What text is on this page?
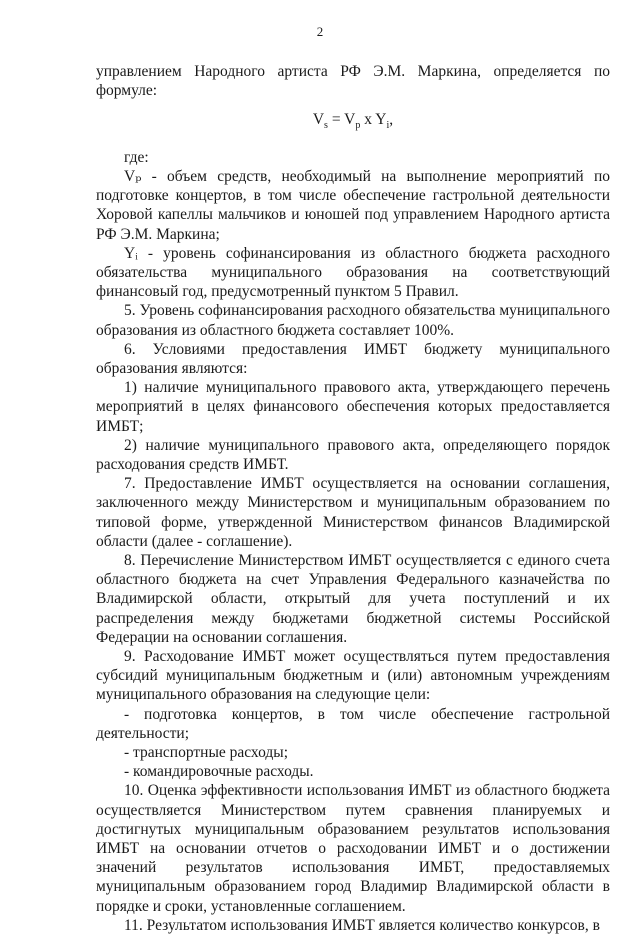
2

управлением Народного артиста РФ Э.М. Маркина, определяется по формуле:

$V_s = V_p$ x $Y_i$,

где:

Vₚ - объем средств, необходимый на выполнение мероприятий по подготовке концертов, в том числе обеспечение гастрольной деятельности Хоровой капеллы мальчиков и юношей под управлением Народного артиста РФ Э.М. Маркина;

Yᵢ - уровень софинансирования из областного бюджета расходного обязательства муниципального образования на соответствующий финансовый год, предусмотренный пунктом 5 Правил.

5. Уровень софинансирования расходного обязательства муниципального образования из областного бюджета составляет 100%.

6. Условиями предоставления ИМБТ бюджету муниципального образования являются:

1) наличие муниципального правового акта, утверждающего перечень мероприятий в целях финансового обеспечения которых предоставляется ИМБТ;

2) наличие муниципального правового акта, определяющего порядок расходования средств ИМБТ.

7. Предоставление ИМБТ осуществляется на основании соглашения, заключенного между Министерством и муниципальным образованием по типовой форме, утвержденной Министерством финансов Владимирской области (далее - соглашение).

8. Перечисление Министерством ИМБТ осуществляется с единого счета областного бюджета на счет Управления Федерального казначейства по Владимирской области, открытый для учета поступлений и их распределения между бюджетами бюджетной системы Российской Федерации на основании соглашения.

9. Расходование ИМБТ может осуществляться путем предоставления субсидий муниципальным бюджетным и (или) автономным учреждениям муниципального образования на следующие цели:

- подготовка концертов, в том числе обеспечение гастрольной деятельности;

- транспортные расходы;

- командировочные расходы.

10. Оценка эффективности использования ИМБТ из областного бюджета осуществляется Министерством путем сравнения планируемых и достигнутых муниципальным образованием результатов использования ИМБТ на основании отчетов о расходовании ИМБТ и о достижении значений результатов использования ИМБТ, предоставляемых муниципальным образованием город Владимир Владимирской области в порядке и сроки, установленные соглашением.

11. Результатом использования ИМБТ является количество конкурсов, в
